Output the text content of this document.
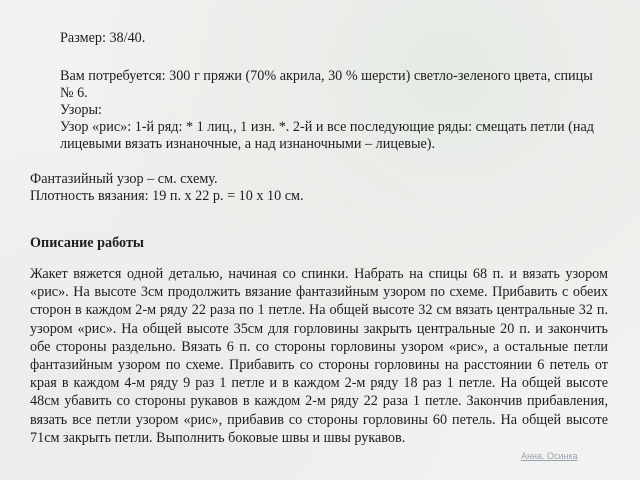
Размер: 38/40.
Вам потребуется: 300 г пряжи (70% акрила, 30 % шерсти) светло-зеленого цвета, спицы № 6.
Узоры:
Узор «рис»: 1-й ряд: * 1 лиц., 1 изн. *. 2-й и все последующие ряды: смещать петли (над лицевыми вязать изнаночные, а над изнаночными – лицевые).
Фантазийный узор – см. схему.
Плотность вязания: 19 п. x 22 р. = 10 x 10 см.
Описание работы
Жакет вяжется одной деталью, начиная со спинки. Набрать на спицы 68 п. и вязать узором «рис». На высоте 3см продолжить вязание фантазийным узором по схеме. Прибавить с обеих сторон в каждом 2-м ряду 22 раза по 1 петле. На общей высоте 32 см вязать центральные 32 п. узором «рис». На общей высоте 35см для горловины закрыть центральные 20 п. и закончить обе стороны раздельно. Вязать 6 п. со стороны горловины узором «рис», а остальные петли фантазийным узором по схеме. Прибавить со стороны горловины на расстоянии 6 петель от края в каждом 4-м ряду 9 раз 1 петле и в каждом 2-м ряду 18 раз 1 петле. На общей высоте 48см убавить со стороны рукавов в каждом 2-м ряду 22 раза 1 петле. Закончив прибавления, вязать все петли узором «рис», прибавив со стороны горловины 60 петель. На общей высоте 71см закрыть петли. Выполнить боковые швы и швы рукавов.
Анна. Осинка
